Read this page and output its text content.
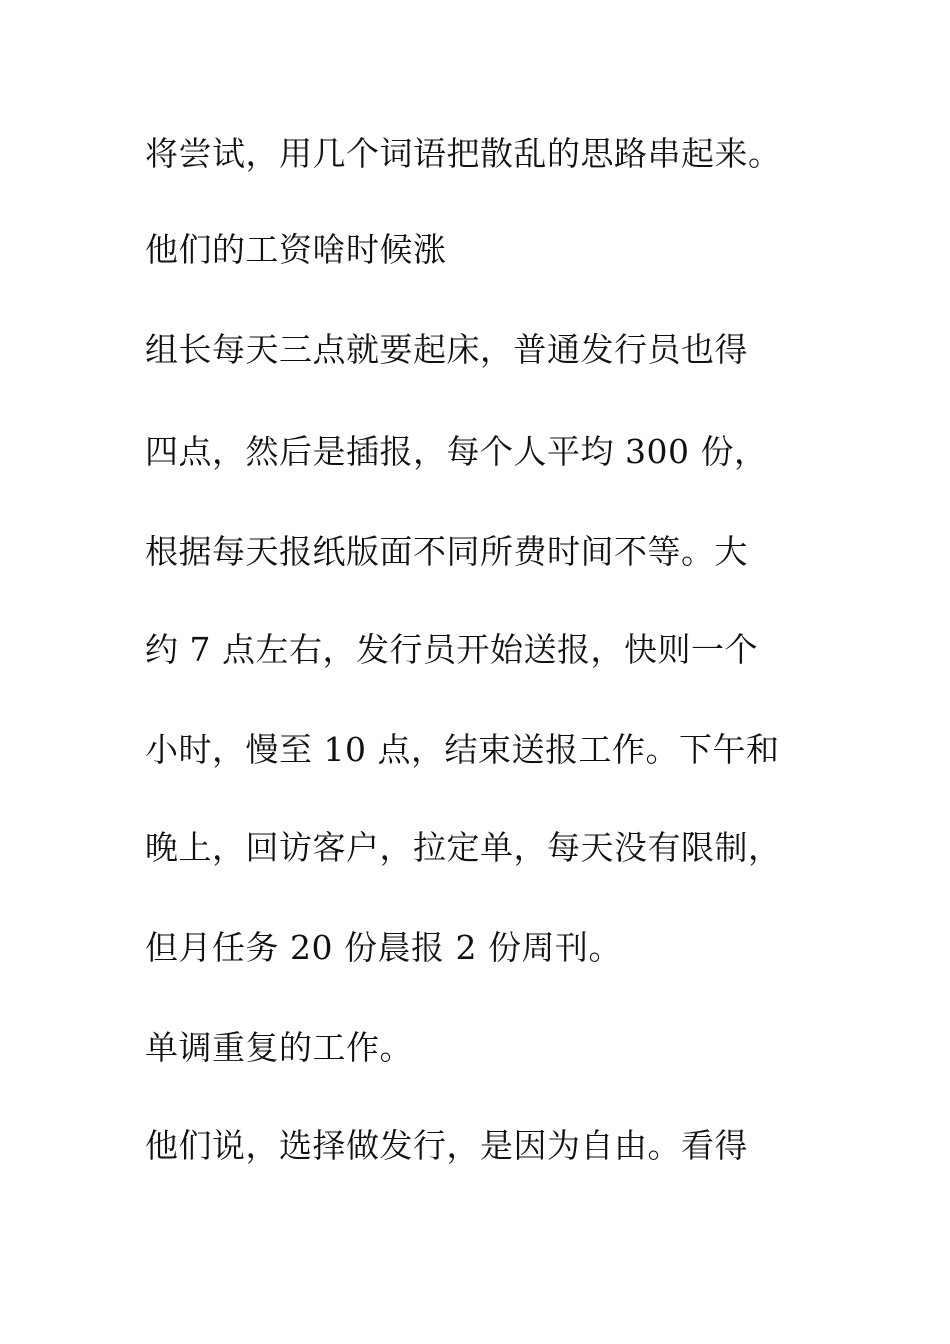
将尝试，用几个词语把散乱的思路串起来。

他们的工资啥时候涨

组长每天三点就要起床，普通发行员也得

四点，然后是插报，每个人平均 300 份，

根据每天报纸版面不同所费时间不等。大

约 7 点左右，发行员开始送报，快则一个

小时，慢至 10 点，结束送报工作。下午和

晚上，回访客户，拉定单，每天没有限制，

但月任务 20 份晨报 2 份周刊。

单调重复的工作。

他们说，选择做发行，是因为自由。看得
